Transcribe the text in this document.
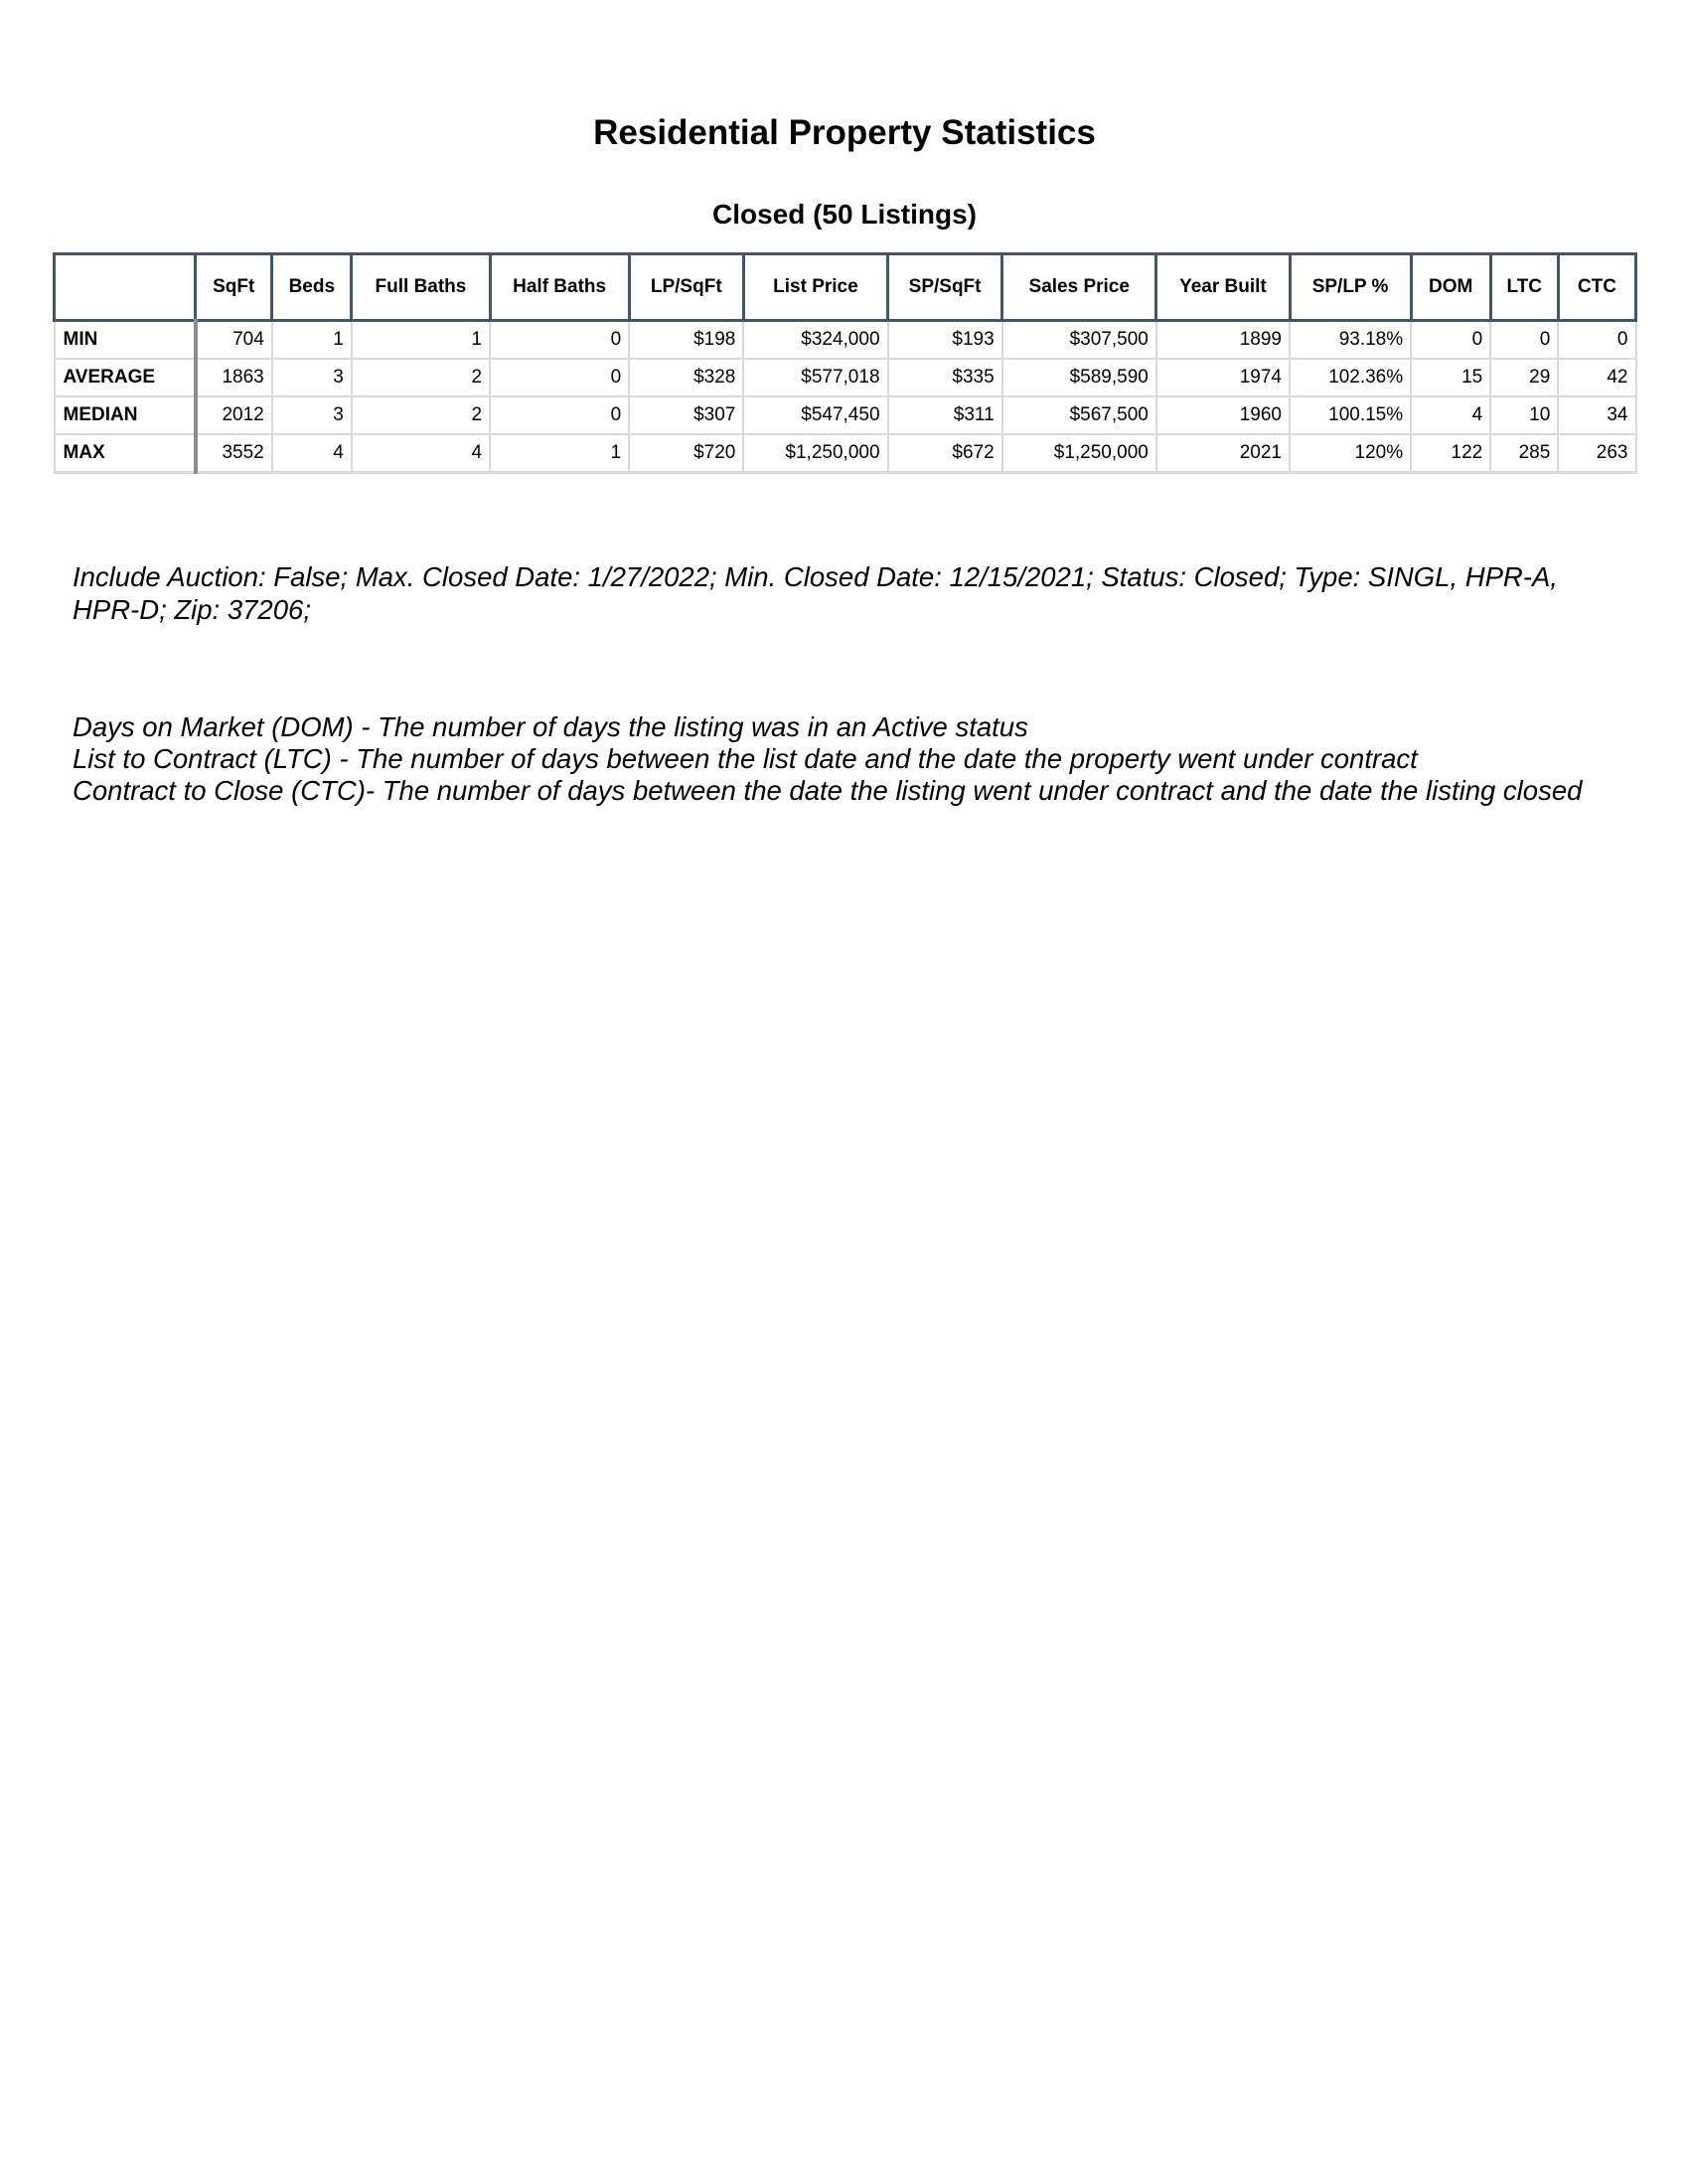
Residential Property Statistics
Closed (50 Listings)
	SqFt	Beds	Full Baths	Half Baths	LP/SqFt	List Price	SP/SqFt	Sales Price	Year Built	SP/LP %	DOM	LTC	CTC
MIN	704	1	1	0	$198	$324,000	$193	$307,500	1899	93.18%	0	0	0
AVERAGE	1863	3	2	0	$328	$577,018	$335	$589,590	1974	102.36%	15	29	42
MEDIAN	2012	3	2	0	$307	$547,450	$311	$567,500	1960	100.15%	4	10	34
MAX	3552	4	4	1	$720	$1,250,000	$672	$1,250,000	2021	120%	122	285	263
Include Auction: False; Max. Closed Date: 1/27/2022; Min. Closed Date: 12/15/2021; Status: Closed; Type: SINGL, HPR-A, HPR-D; Zip: 37206;
Days on Market (DOM) - The number of days the listing was in an Active status
List to Contract (LTC) - The number of days between the list date and the date the property went under contract
Contract to Close (CTC)- The number of days between the date the listing went under contract and the date the listing closed
